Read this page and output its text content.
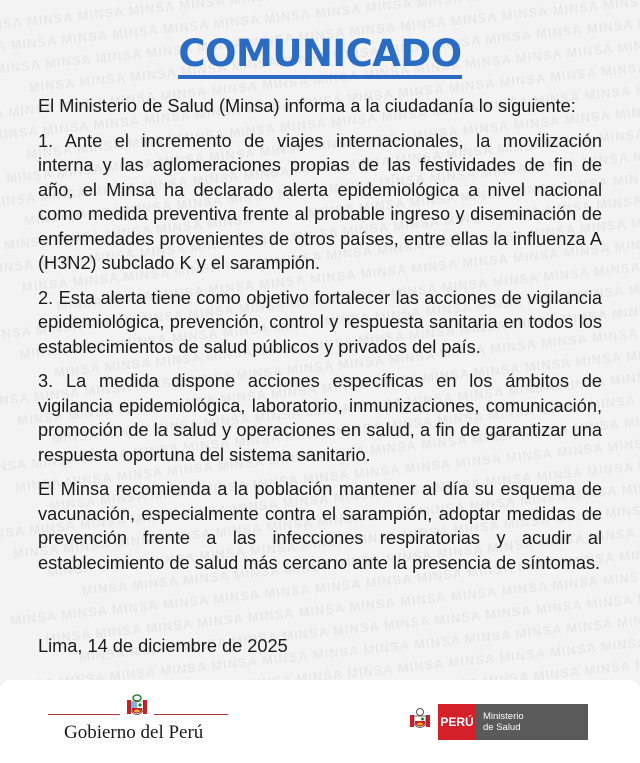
COMUNICADO

El Ministerio de Salud (Minsa) informa a la ciudadanía lo siguiente:

1. Ante el incremento de viajes internacionales, la movilización interna y las aglomeraciones propias de las festividades de fin de año, el Minsa ha declarado alerta epidemiológica a nivel nacional como medida preventiva frente al probable ingreso y diseminación de enfermedades provenientes de otros países, entre ellas la influenza A (H3N2) subclado K y el sarampión.

2. Esta alerta tiene como objetivo fortalecer las acciones de vigilancia epidemiológica, prevención, control y respuesta sanitaria en todos los establecimientos de salud públicos y privados del país.

3. La medida dispone acciones específicas en los ámbitos de vigilancia epidemiológica, laboratorio, inmunizaciones, comunicación, promoción de la salud y operaciones en salud, a fin de garantizar una respuesta oportuna del sistema sanitario.

El Minsa recomienda a la población mantener al día su esquema de vacunación, especialmente contra el sarampión, adoptar medidas de prevención frente a las infecciones respiratorias y acudir al establecimiento de salud más cercano ante la presencia de síntomas.

Lima, 14 de diciembre de 2025
Gobierno del Perú	PERÚ Ministerio
de Salud
